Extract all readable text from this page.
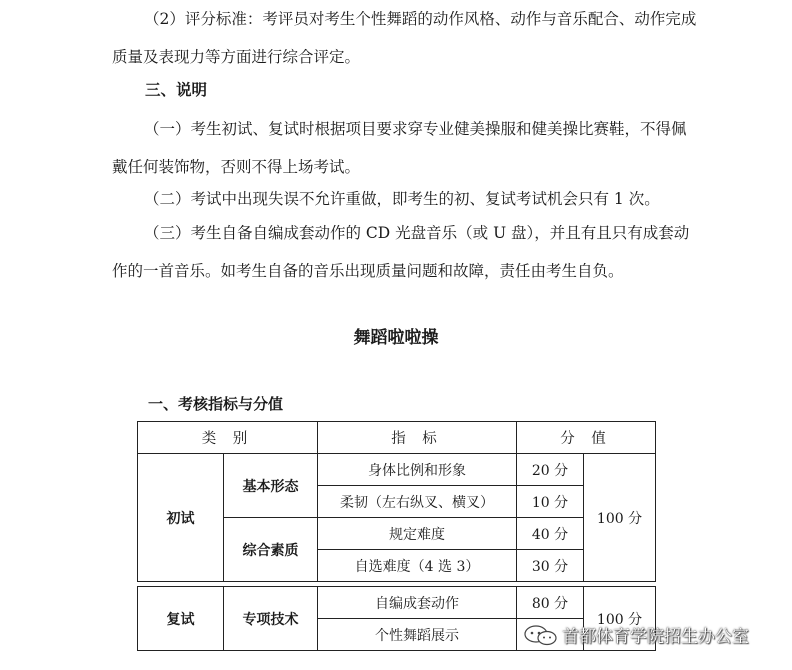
（2）评分标准：考评员对考生个性舞蹈的动作风格、动作与音乐配合、动作完成质量及表现力等方面进行综合评定。

三、说明

（一）考生初试、复试时根据项目要求穿专业健美操服和健美操比赛鞋，不得佩戴任何装饰物，否则不得上场考试。

（二）考试中出现失误不允许重做，即考生的初、复试考试机会只有 1 次。

（三）考生自备自编成套动作的 CD 光盘音乐（或 U 盘），并且有且只有成套动作的一首音乐。如考生自备的音乐出现质量问题和故障，责任由考生自负。

舞蹈啦啦操
一、考核指标与分值
类 别		指 标	分 值	
初试	基本形态	身体比例和形象	20 分	100 分
		柔韧（左右纵叉、横叉）	10 分	
	综合素质	规定难度	40 分	
		自选难度（4 选 3）	30 分	

复试	专项技术	自编成套动作	80 分	100 分
		个性舞蹈展示			首都体育学院招生办公室
